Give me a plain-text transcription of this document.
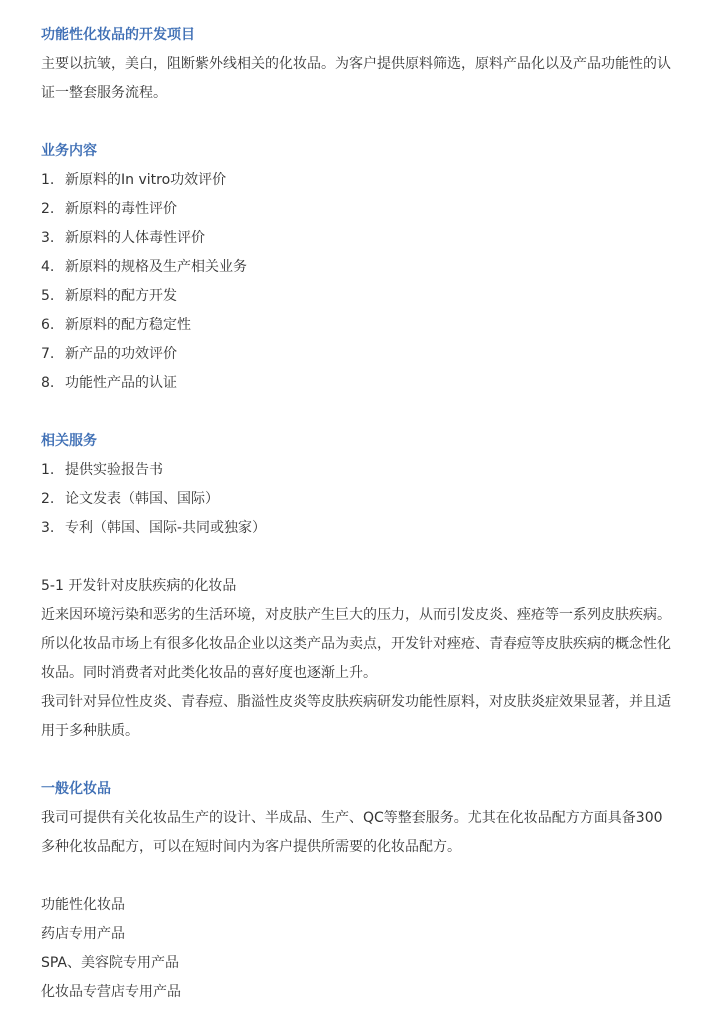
功能性化妆品的开发项目
主要以抗皱，美白，阻断紫外线相关的化妆品。为客户提供原料筛选，原料产品化以及产品功能性的认
证一整套服务流程。
业务内容
1. 新原料的In vitro功效评价
2. 新原料的毒性评价
3. 新原料的人体毒性评价
4. 新原料的规格及生产相关业务
5. 新原料的配方开发
6. 新原料的配方稳定性
7. 新产品的功效评价
8. 功能性产品的认证
相关服务
1. 提供实验报告书
2. 论文发表（韩国、国际）
3. 专利（韩国、国际-共同或独家）
5-1 开发针对皮肤疾病的化妆品
近来因环境污染和恶劣的生活环境，对皮肤产生巨大的压力，从而引发皮炎、痤疮等一系列皮肤疾病。
所以化妆品市场上有很多化妆品企业以这类产品为卖点，开发针对痤疮、青春痘等皮肤疾病的概念性化
妆品。同时消费者对此类化妆品的喜好度也逐渐上升。
我司针对异位性皮炎、青春痘、脂溢性皮炎等皮肤疾病研发功能性原料，对皮肤炎症效果显著，并且适
用于多种肤质。
一般化妆品
我司可提供有关化妆品生产的设计、半成品、生产、QC等整套服务。尤其在化妆品配方方面具备300
多种化妆品配方，可以在短时间内为客户提供所需要的化妆品配方。
功能性化妆品
药店专用产品
SPA、美容院专用产品
化妆品专营店专用产品
